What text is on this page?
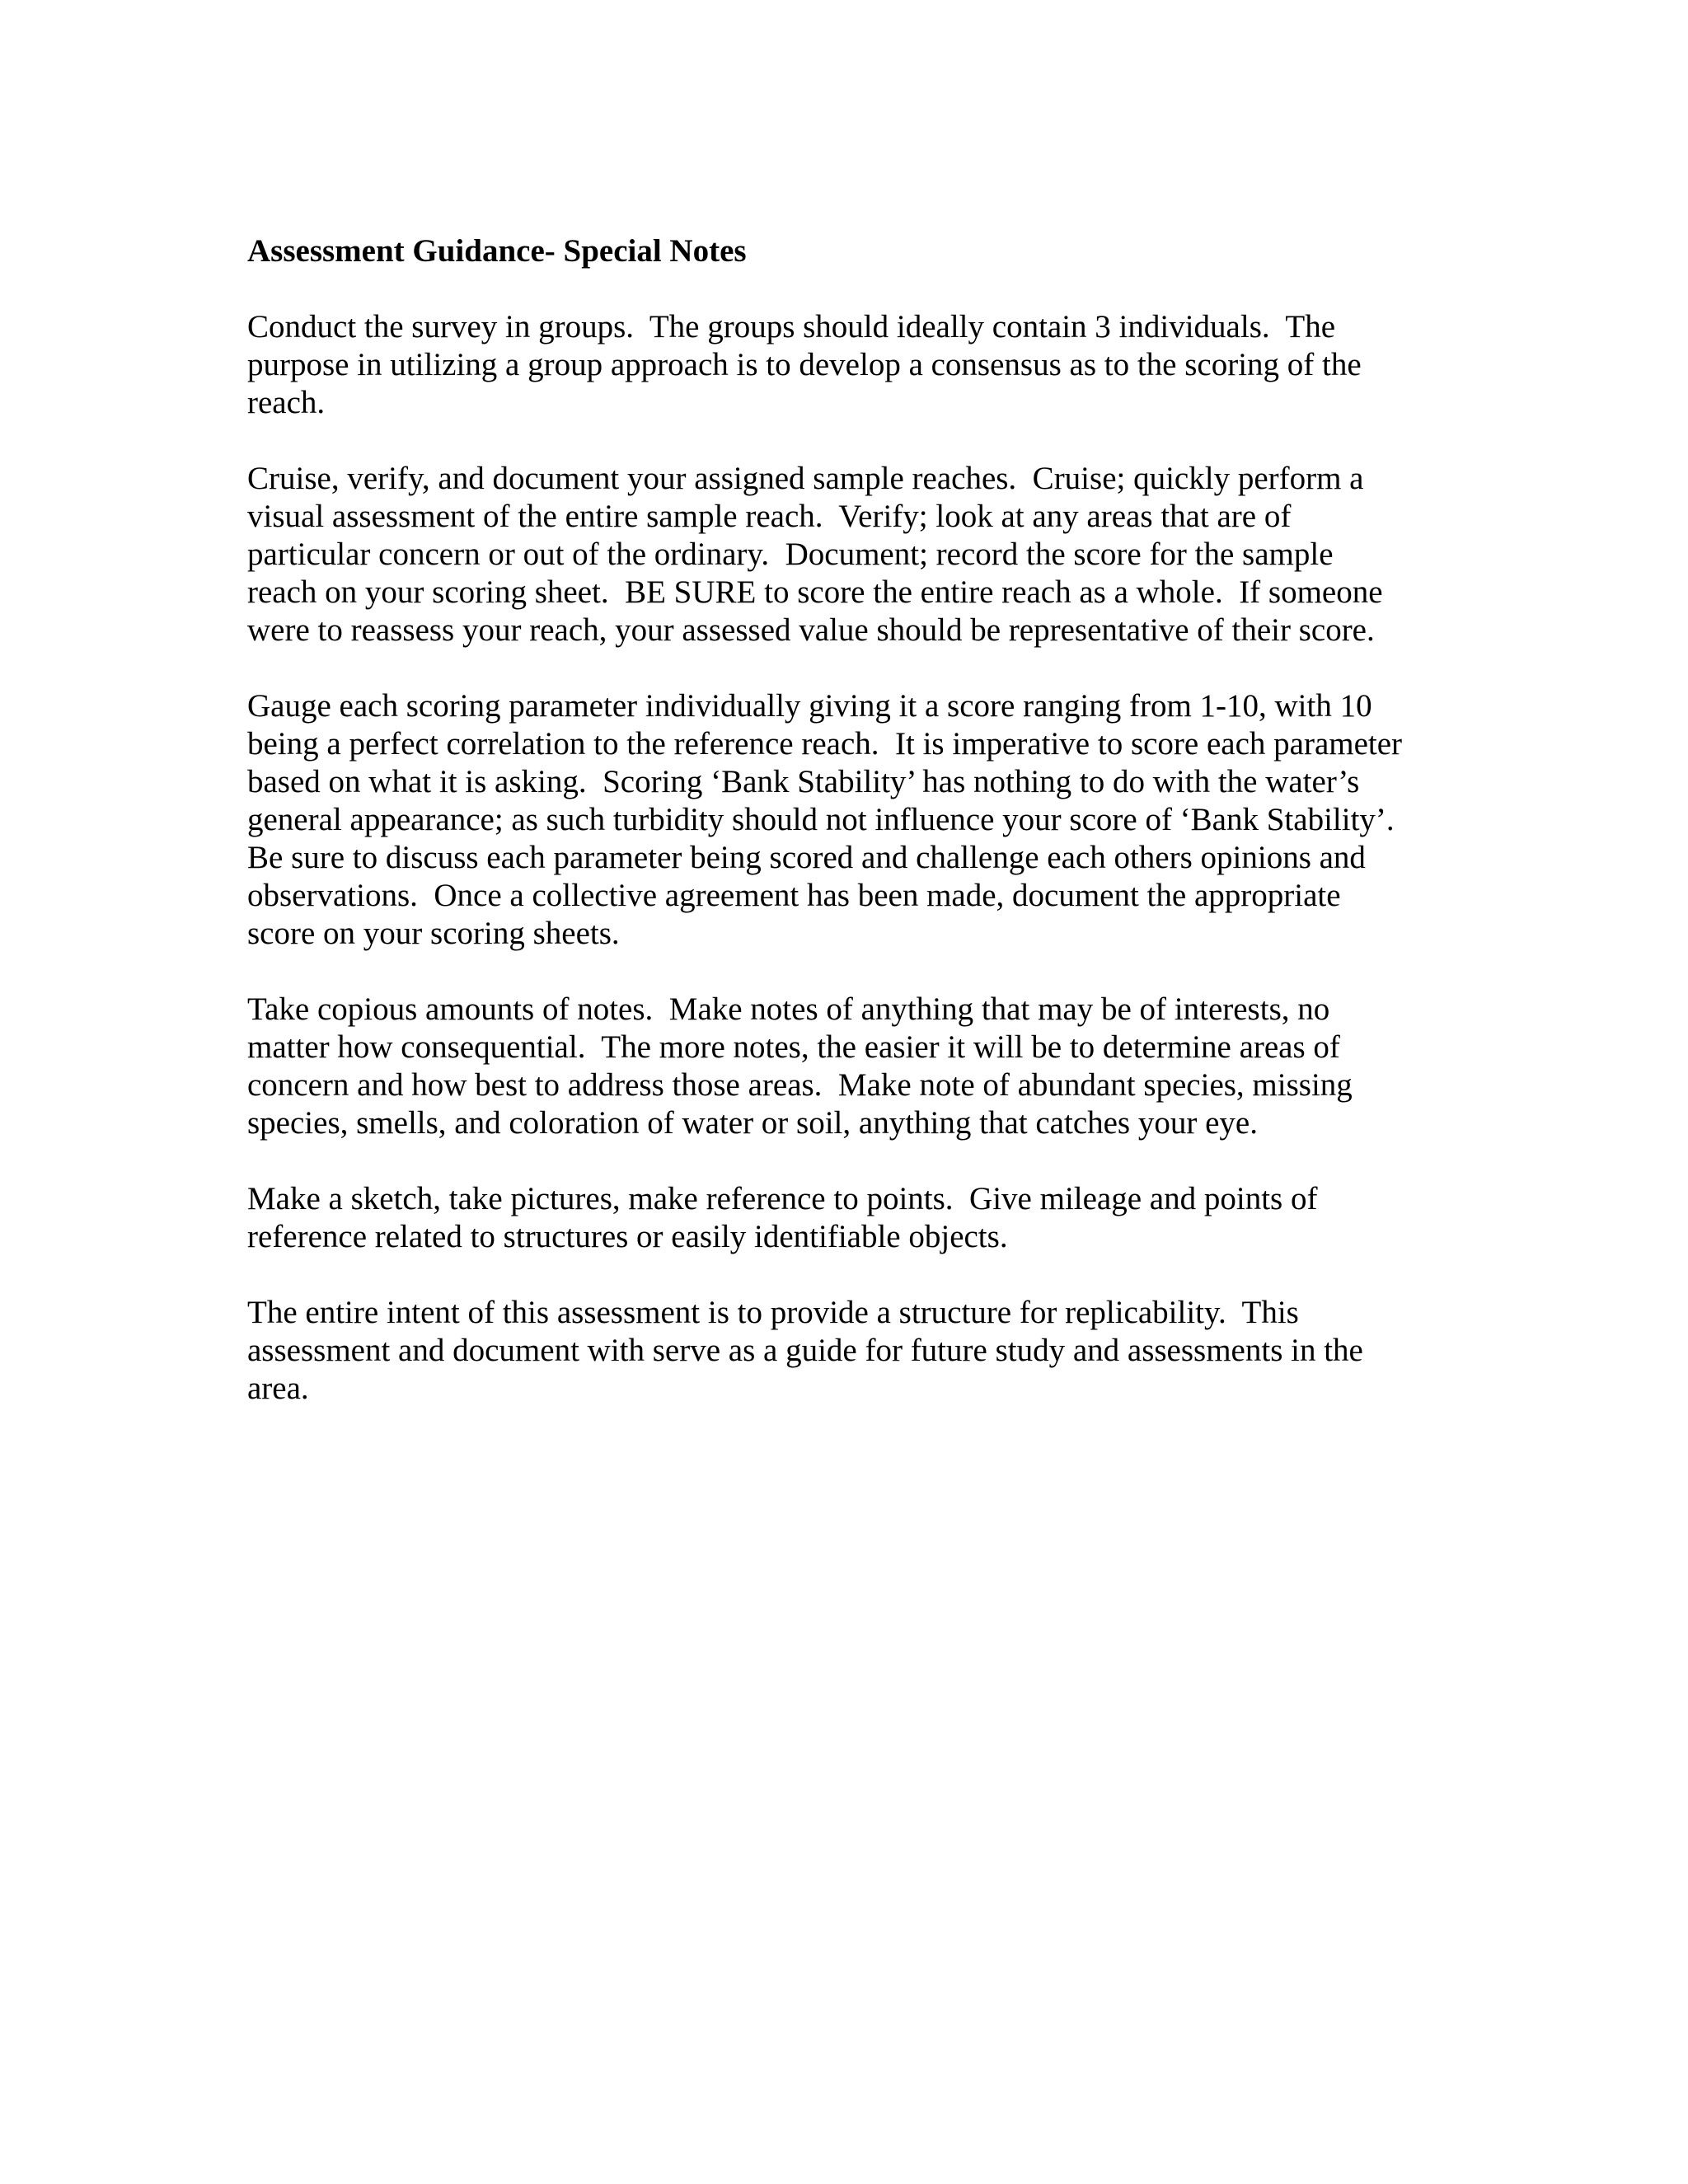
Assessment Guidance- Special Notes
Conduct the survey in groups.  The groups should ideally contain 3 individuals.  The
purpose in utilizing a group approach is to develop a consensus as to the scoring of the
reach.
Cruise, verify, and document your assigned sample reaches.  Cruise; quickly perform a
visual assessment of the entire sample reach.  Verify; look at any areas that are of
particular concern or out of the ordinary.  Document; record the score for the sample
reach on your scoring sheet.  BE SURE to score the entire reach as a whole.  If someone
were to reassess your reach, your assessed value should be representative of their score.
Gauge each scoring parameter individually giving it a score ranging from 1-10, with 10
being a perfect correlation to the reference reach.  It is imperative to score each parameter
based on what it is asking.  Scoring ‘Bank Stability’ has nothing to do with the water’s
general appearance; as such turbidity should not influence your score of ‘Bank Stability’.
Be sure to discuss each parameter being scored and challenge each others opinions and
observations.  Once a collective agreement has been made, document the appropriate
score on your scoring sheets.
Take copious amounts of notes.  Make notes of anything that may be of interests, no
matter how consequential.  The more notes, the easier it will be to determine areas of
concern and how best to address those areas.  Make note of abundant species, missing
species, smells, and coloration of water or soil, anything that catches your eye.
Make a sketch, take pictures, make reference to points.  Give mileage and points of
reference related to structures or easily identifiable objects.
The entire intent of this assessment is to provide a structure for replicability.  This
assessment and document with serve as a guide for future study and assessments in the
area.
